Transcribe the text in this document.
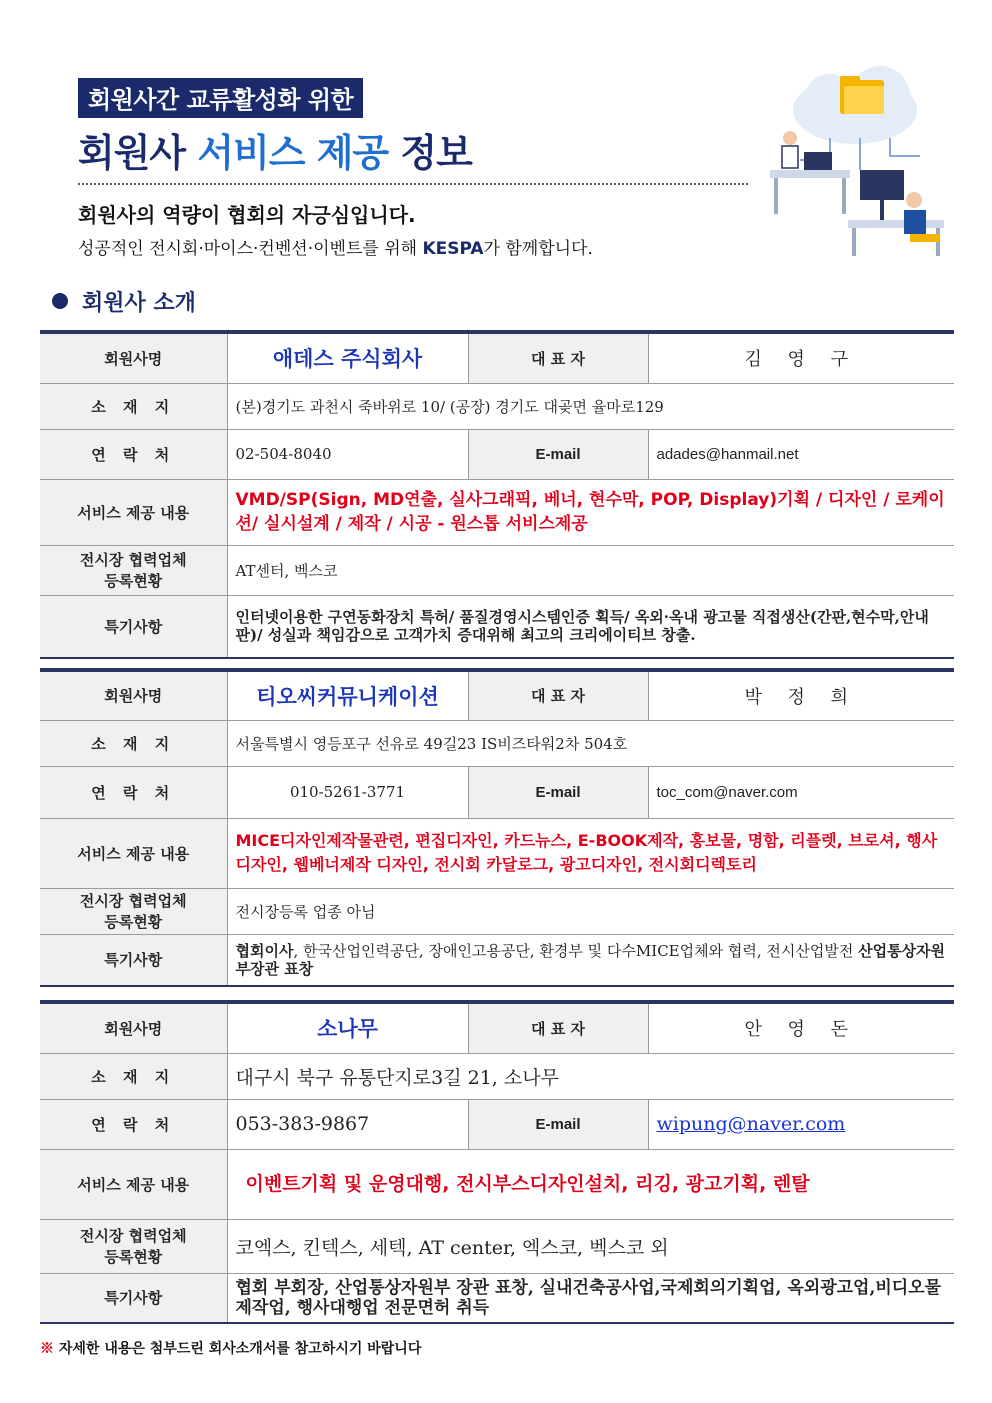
회원사간 교류활성화 위한
회원사 서비스 제공 정보
회원사의 역량이 협회의 자긍심입니다.
성공적인 전시회·마이스·컨벤션·이벤트를 위해 KESPA가 함께합니다.
회원사 소개
회원사명	애데스 주식회사	대 표 자	김 영 구
소 재 지	(본)경기도 과천시 죽바위로 10/ (공장) 경기도 대곶면 율마로129		
연 락 처	02-504-8040	E-mail	adades@hanmail.net
서비스 제공 내용	VMD/SP(Sign, MD연출, 실사그래픽, 베너, 현수막, POP, Display)기획 / 디자인 / 로케이션/ 실시설계 / 제작 / 시공 - 원스톱 서비스제공		

전시장 협력업체
등록현황	AT센터, 벡스코		
특기사항	인터넷이용한 구연동화장치 특허/ 품질경영시스템인증 획득/ 옥외·옥내 광고물 직접생산(간판,현수막,안내판)/ 성실과 책임감으로 고객가치 증대위해 최고의 크리에이티브 창출.		
회원사명	티오씨커뮤니케이션	대 표 자	박 정 희
소 재 지	서울특별시 영등포구 선유로 49길23 IS비즈타워2차 504호		
연 락 처	010-5261-3771	E-mail	toc_com@naver.com
서비스 제공 내용	MICE디자인제작물관련, 편집디자인, 카드뉴스, E-BOOK제작, 홍보물, 명함, 리플렛, 브로셔, 행사디자인, 웹베너제작 디자인, 전시회 카달로그, 광고디자인, 전시회디렉토리		

전시장 협력업체
등록현황	전시장등록 업종 아님		
특기사항	협회이사, 한국산업인력공단, 장애인고용공단, 환경부 및 다수MICE업체와 협력, 전시산업발전 산업통상자원부장관 표창		
회원사명	소나무	대 표 자	안 영 돈
소 재 지	대구시 북구 유통단지로3길 21, 소나무		
연 락 처	053-383-9867	E-mail	wipung@naver.com
서비스 제공 내용	이벤트기획 및 운영대행, 전시부스디자인설치, 리깅, 광고기획, 렌탈		

전시장 협력업체
등록현황	코엑스, 킨텍스, 세텍, AT center, 엑스코, 벡스코 외		
특기사항	협회 부회장, 산업통상자원부 장관 표창, 실내건축공사업,국제회의기획업, 옥외광고업,비디오물제작업, 행사대행업 전문면허 취득		
※ 자세한 내용은 첨부드린 회사소개서를 참고하시기 바랍니다
